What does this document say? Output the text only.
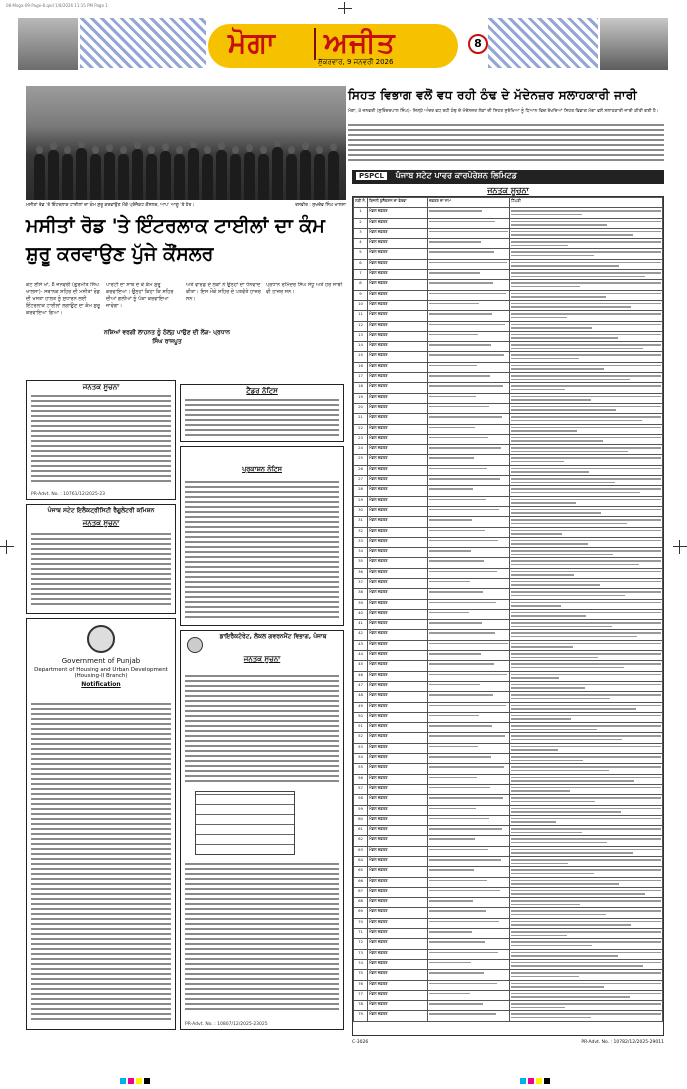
08-Moga-09-Page-8.qxd 1/8/2026 11:15 PM Page 1
ਮੋਗਾ ਅਜੀਤ
ਸ਼ੁੱਕਰਵਾਰ, 9 ਜਨਵਰੀ 2026
8
ਮਸੀਤਾਂ ਰੋਡ 'ਤੇ ਇੰਟਰਲਾਕ ਟਾਈਲਾਂ ਦਾ ਕੰਮ ਸ਼ੁਰੂ ਕਰਵਾਉਣ ਮੌਕੇ ਪ੍ਰੋਜੈਕਟ ਕੌਂਸਲਰ, ਆਪ' ਆਗੂ 'ਤੇ ਹੋਰ।	ਤਸਵੀਰ : ਸੁਖਦੇਵ ਸਿੰਘ ਖਾਲਸਾ
ਮਸੀਤਾਂ ਰੋਡ 'ਤੇ ਇੰਟਰਲਾਕ ਟਾਈਲਾਂ ਦਾ ਕੰਮ ਸ਼ੁਰੂ ਕਰਵਾਉਣ ਪੁੱਜੇ ਕੌਂਸਲਰ
ਕੋਟ ਈਸੇ ਖਾਂ, 8 ਜਨਵਰੀ (ਗੁਰਮੀਤ ਸਿੰਘ ਖਾਲਸਾ)- ਸਥਾਨਕ ਸ਼ਹਿਰ ਦੀ ਮਸੀਤਾਂ ਰੋਡ ਦੀ ਖਸਤਾ ਹਾਲਤ ਨੂੰ ਸੁਧਾਰਨ ਲਈ ਇੰਟਰਲਾਕ ਟਾਈਲਾਂ ਲਗਾਉਣ ਦਾ ਕੰਮ ਸ਼ੁਰੂ ਕਰਵਾਇਆ ਗਿਆ।
ਪਾਰਟੀ ਦਾ ਸਾਥ ਦੇ ਕੇ ਕੰਮ ਸ਼ੁਰੂ ਕਰਵਾਇਆ। ਉਨ੍ਹਾਂ ਕਿਹਾ ਕਿ ਸ਼ਹਿਰ ਦੀਆਂ ਗਲੀਆਂ ਨੂੰ ਪੱਕਾ ਕਰਵਾਇਆ ਜਾਵੇਗਾ।
ਅਤੇ ਵਾਰਡ ਦੇ ਲੋਕਾਂ ਨੇ ਉਨ੍ਹਾਂ ਦਾ ਧੰਨਵਾਦ ਕੀਤਾ। ਇਸ ਮੌਕੇ ਸ਼ਹਿਰ ਦੇ ਪਤਵੰਤੇ ਹਾਜ਼ਰ ਸਨ।
ਪ੍ਰਧਾਨ ਰਮਿੰਦਰ ਸਿੰਘ ਸੰਧੂ ਅਤੇ ਹੋਰ ਸਾਥੀ ਵੀ ਹਾਜ਼ਰ ਸਨ।
ਨਸ਼ਿਆਂ ਵਰਗੀ ਲਾਹਨਤ ਨੂੰ ਠੱਲ੍ਹ ਪਾਉਣ ਦੀ ਲੋੜ- ਪ੍ਰਧਾਨ ਸਿੰਘ ਰਾਜਪੂਤ
ਜਨਤਕ ਸੂਚਨਾ
PR-Advt. No. : 10761/12/2025-23
ਪੰਜਾਬ ਸਟੇਟ ਇਲੈਕਟ੍ਰੀਸਿਟੀ ਰੈਗੂਲੇਟਰੀ ਕਮਿਸ਼ਨ
ਜਨਤਕ ਸੂਚਨਾ
Government of Punjab
Department of Housing and Urban Development
(Housing-II Branch)
Notification
ਟੈਂਡਰ ਨੋਟਿਸ
ਪ੍ਰਕਾਸ਼ਨ ਨੋਟਿਸ
ਡਾਇਰੈਕਟੋਰੇਟ, ਲੋਕਲ ਗਵਰਨਮੈਂਟ ਵਿਭਾਗ, ਪੰਜਾਬ
ਜਨਤਕ ਸੂਚਨਾ
PR-Advt. No. : 10807/12/2025-23025
ਸਿਹਤ ਵਿਭਾਗ ਵਲੋਂ ਵਧ ਰਹੀ ਠੰਢ ਦੇ ਮੱਦੇਨਜ਼ਰ ਸਲਾਹਕਾਰੀ ਜਾਰੀ
ਮੋਗਾ, 8 ਜਨਵਰੀ (ਸੁਰਿੰਦਰਪਾਲ ਸਿੰਘ)- ਜ਼ਿਲ੍ਹੇ ਅੰਦਰ ਵਧ ਰਹੀ ਠੰਢ ਦੇ ਮੱਦੇਨਜ਼ਰ ਲੋਕਾਂ ਦੀ ਸਿਹਤ ਸੁਰੱਖਿਆ ਨੂੰ ਧਿਆਨ ਵਿਚ ਰੱਖਦਿਆਂ ਸਿਹਤ ਵਿਭਾਗ ਮੋਗਾ ਵਲੋਂ ਸਲਾਹਕਾਰੀ ਜਾਰੀ ਕੀਤੀ ਗਈ ਹੈ।
PSPCL ਪੰਜਾਬ ਸਟੇਟ ਪਾਵਰ ਕਾਰਪੋਰੇਸ਼ਨ ਲਿਮਿਟਡ
ਜਨਤਕ ਸੂਚਨਾ
ਲੜੀ ਨੰ.	ਬਿਜਲੀ ਕੁਨੈਕਸ਼ਨ ਦਾ ਵੇਰਵਾ	ਦਫ਼ਤਰ ਦਾ ਨਾਮ	ਟਿੱਪਣੀ
1	ਮੰਡਲ ਦਫ਼ਤਰ	

2	ਮੰਡਲ ਦਫ਼ਤਰ	

3	ਮੰਡਲ ਦਫ਼ਤਰ	

4	ਮੰਡਲ ਦਫ਼ਤਰ	

5	ਮੰਡਲ ਦਫ਼ਤਰ	

6	ਮੰਡਲ ਦਫ਼ਤਰ	

7	ਮੰਡਲ ਦਫ਼ਤਰ	

8	ਮੰਡਲ ਦਫ਼ਤਰ	

9	ਮੰਡਲ ਦਫ਼ਤਰ	

10	ਮੰਡਲ ਦਫ਼ਤਰ	

11	ਮੰਡਲ ਦਫ਼ਤਰ	

12	ਮੰਡਲ ਦਫ਼ਤਰ	

13	ਮੰਡਲ ਦਫ਼ਤਰ	

14	ਮੰਡਲ ਦਫ਼ਤਰ	

15	ਮੰਡਲ ਦਫ਼ਤਰ	

16	ਮੰਡਲ ਦਫ਼ਤਰ	

17	ਮੰਡਲ ਦਫ਼ਤਰ	

18	ਮੰਡਲ ਦਫ਼ਤਰ	

19	ਮੰਡਲ ਦਫ਼ਤਰ	

20	ਮੰਡਲ ਦਫ਼ਤਰ	

21	ਮੰਡਲ ਦਫ਼ਤਰ	

22	ਮੰਡਲ ਦਫ਼ਤਰ	

23	ਮੰਡਲ ਦਫ਼ਤਰ	

24	ਮੰਡਲ ਦਫ਼ਤਰ	

25	ਮੰਡਲ ਦਫ਼ਤਰ	

26	ਮੰਡਲ ਦਫ਼ਤਰ	

27	ਮੰਡਲ ਦਫ਼ਤਰ	

28	ਮੰਡਲ ਦਫ਼ਤਰ	

29	ਮੰਡਲ ਦਫ਼ਤਰ	

30	ਮੰਡਲ ਦਫ਼ਤਰ	

31	ਮੰਡਲ ਦਫ਼ਤਰ	

32	ਮੰਡਲ ਦਫ਼ਤਰ	

33	ਮੰਡਲ ਦਫ਼ਤਰ	

34	ਮੰਡਲ ਦਫ਼ਤਰ	

35	ਮੰਡਲ ਦਫ਼ਤਰ	

36	ਮੰਡਲ ਦਫ਼ਤਰ	

37	ਮੰਡਲ ਦਫ਼ਤਰ	

38	ਮੰਡਲ ਦਫ਼ਤਰ	

39	ਮੰਡਲ ਦਫ਼ਤਰ	

40	ਮੰਡਲ ਦਫ਼ਤਰ	

41	ਮੰਡਲ ਦਫ਼ਤਰ	

42	ਮੰਡਲ ਦਫ਼ਤਰ	

43	ਮੰਡਲ ਦਫ਼ਤਰ	

44	ਮੰਡਲ ਦਫ਼ਤਰ	

45	ਮੰਡਲ ਦਫ਼ਤਰ	

46	ਮੰਡਲ ਦਫ਼ਤਰ	

47	ਮੰਡਲ ਦਫ਼ਤਰ	

48	ਮੰਡਲ ਦਫ਼ਤਰ	

49	ਮੰਡਲ ਦਫ਼ਤਰ	

50	ਮੰਡਲ ਦਫ਼ਤਰ	

51	ਮੰਡਲ ਦਫ਼ਤਰ	

52	ਮੰਡਲ ਦਫ਼ਤਰ	

53	ਮੰਡਲ ਦਫ਼ਤਰ	

54	ਮੰਡਲ ਦਫ਼ਤਰ	

55	ਮੰਡਲ ਦਫ਼ਤਰ	

56	ਮੰਡਲ ਦਫ਼ਤਰ	

57	ਮੰਡਲ ਦਫ਼ਤਰ	

58	ਮੰਡਲ ਦਫ਼ਤਰ	

59	ਮੰਡਲ ਦਫ਼ਤਰ	

60	ਮੰਡਲ ਦਫ਼ਤਰ	

61	ਮੰਡਲ ਦਫ਼ਤਰ	

62	ਮੰਡਲ ਦਫ਼ਤਰ	

63	ਮੰਡਲ ਦਫ਼ਤਰ	

64	ਮੰਡਲ ਦਫ਼ਤਰ	

65	ਮੰਡਲ ਦਫ਼ਤਰ	

66	ਮੰਡਲ ਦਫ਼ਤਰ	

67	ਮੰਡਲ ਦਫ਼ਤਰ	

68	ਮੰਡਲ ਦਫ਼ਤਰ	

69	ਮੰਡਲ ਦਫ਼ਤਰ	

70	ਮੰਡਲ ਦਫ਼ਤਰ	

71	ਮੰਡਲ ਦਫ਼ਤਰ	

72	ਮੰਡਲ ਦਫ਼ਤਰ	

73	ਮੰਡਲ ਦਫ਼ਤਰ	

74	ਮੰਡਲ ਦਫ਼ਤਰ	

75	ਮੰਡਲ ਦਫ਼ਤਰ	

76	ਮੰਡਲ ਦਫ਼ਤਰ	

77	ਮੰਡਲ ਦਫ਼ਤਰ	

78	ਮੰਡਲ ਦਫ਼ਤਰ	

79	ਮੰਡਲ ਦਫ਼ਤਰ	

C-3026	PR-Advt. No. : 10782/12/2025-29011
